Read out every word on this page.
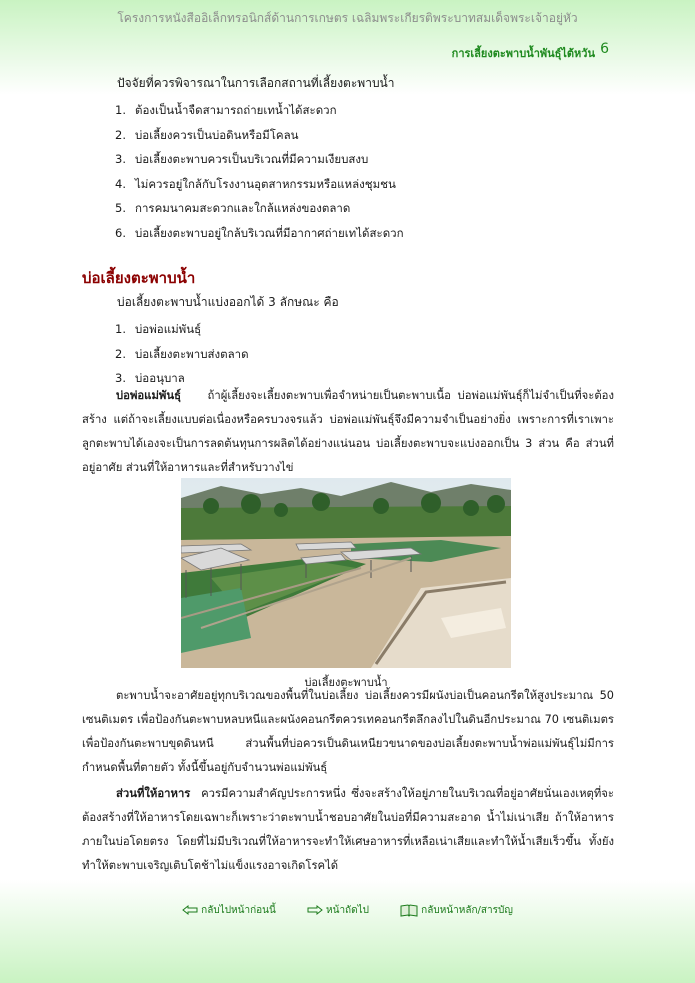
โครงการหนังสืออิเล็กทรอนิกส์ด้านการเกษตร เฉลิมพระเกียรติพระบาทสมเด็จพระเจ้าอยู่หัว
การเลี้ยงตะพาบน้ำพันธุ์ไต้หวัน 6
ปัจจัยที่ควรพิจารณาในการเลือกสถานที่เลี้ยงตะพาบน้ำ
1. ต้องเป็นน้ำจืดสามารถถ่ายเทน้ำได้สะดวก
2. บ่อเลี้ยงควรเป็นบ่อดินหรือมีโคลน
3. บ่อเลี้ยงตะพาบควรเป็นบริเวณที่มีความเงียบสงบ
4. ไม่ควรอยู่ใกล้กับโรงงานอุตสาหกรรมหรือแหล่งชุมชน
5. การคมนาคมสะดวกและใกล้แหล่งของตลาด
6. บ่อเลี้ยงตะพาบอยู่ใกล้บริเวณที่มีอากาศถ่ายเทได้สะดวก
บ่อเลี้ยงตะพาบน้ำ
บ่อเลี้ยงตะพาบน้ำแบ่งออกได้ 3 ลักษณะ คือ
1. บ่อพ่อแม่พันธุ์
2. บ่อเลี้ยงตะพาบส่งตลาด
3. บ่ออนุบาล

บ่อพ่อแม่พันธุ์ ถ้าผู้เลี้ยงจะเลี้ยงตะพาบเพื่อจำหน่ายเป็นตะพาบเนื้อ บ่อพ่อแม่พันธุ์ก็ไม่จำเป็นที่จะต้องสร้าง แต่ถ้าจะเลี้ยงแบบต่อเนื่องหรือครบวงจรแล้ว บ่อพ่อแม่พันธุ์จึงมีความจำเป็นอย่างยิ่ง เพราะการที่เราเพาะลูกตะพาบได้เองจะเป็นการลดต้นทุนการผลิตได้อย่างแน่นอน บ่อเลี้ยงตะพาบจะแบ่งออกเป็น 3 ส่วน คือ ส่วนที่อยู่อาศัย ส่วนที่ให้อาหารและที่สำหรับวางไข่

บ่อเลี้ยงตะพาบน้ำ

ตะพาบน้ำจะอาศัยอยู่ทุกบริเวณของพื้นที่ในบ่อเลี้ยง บ่อเลี้ยงควรมีผนังบ่อเป็นคอนกรีตให้สูงประมาณ 50 เซนติเมตร เพื่อป้องกันตะพาบหลบหนีและผนังคอนกรีตควรเทคอนกรีตลึกลงไปในดินอีกประมาณ 70 เซนติเมตร เพื่อป้องกันตะพาบขุดดินหนี ส่วนพื้นที่บ่อควรเป็นดินเหนียวขนาดของบ่อเลี้ยงตะพาบน้ำพ่อแม่พันธุ์ไม่มีการกำหนดพื้นที่ตายตัว ทั้งนี้ขึ้นอยู่กับจำนวนพ่อแม่พันธุ์

ส่วนที่ให้อาหาร ควรมีความสำคัญประการหนึ่ง ซึ่งจะสร้างให้อยู่ภายในบริเวณที่อยู่อาศัยนั่นเองเหตุที่จะต้องสร้างที่ให้อาหารโดยเฉพาะก็เพราะว่าตะพาบน้ำชอบอาศัยในบ่อที่มีความสะอาด น้ำไม่เน่าเสีย ถ้าให้อาหารภายในบ่อโดยตรง โดยที่ไม่มีบริเวณที่ให้อาหารจะทำให้เศษอาหารที่เหลือเน่าเสียและทำให้น้ำเสียเร็วขึ้น ทั้งยังทำให้ตะพาบเจริญเติบโตช้าไม่แข็งแรงอาจเกิดโรคได้

กลับไปหน้าก่อนนี้	หน้าถัดไป	กลับหน้าหลัก/สารบัญ
